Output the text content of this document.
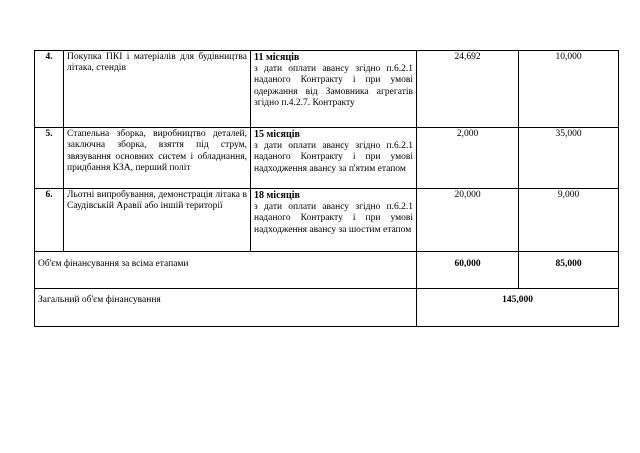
4.	Покупка ПКІ і матеріалів для будівництва літака, стендів	11 місяців
з дати оплати авансу згідно п.6.2.1 наданого Контракту і при умові одержання від Замовника агрегатів згідно п.4.2.7. Контракту	24,692	10,000
5.	Стапельна зборка, виробництво деталей, заключна зборка, взяття під струм, звязування основних систем і обладнання, придбання КЗА, перший політ	15 місяців
з дати оплати авансу згідно п.6.2.1 наданого Контракту і при умові надходження авансу за п'ятим етапом	2,000	35,000
6.	Льотні випробування, демонстрація літака в Саудівській Аравії або іншій території	18 місяців
з дати оплати авансу згідно п.6.2.1 наданого Контракту і при умові надходження авансу за шостим етапом	20,000	9,000
Об'єм фінансування за всіма етапами			60,000	85,000
Загальний об'єм фінансування			145,000	
